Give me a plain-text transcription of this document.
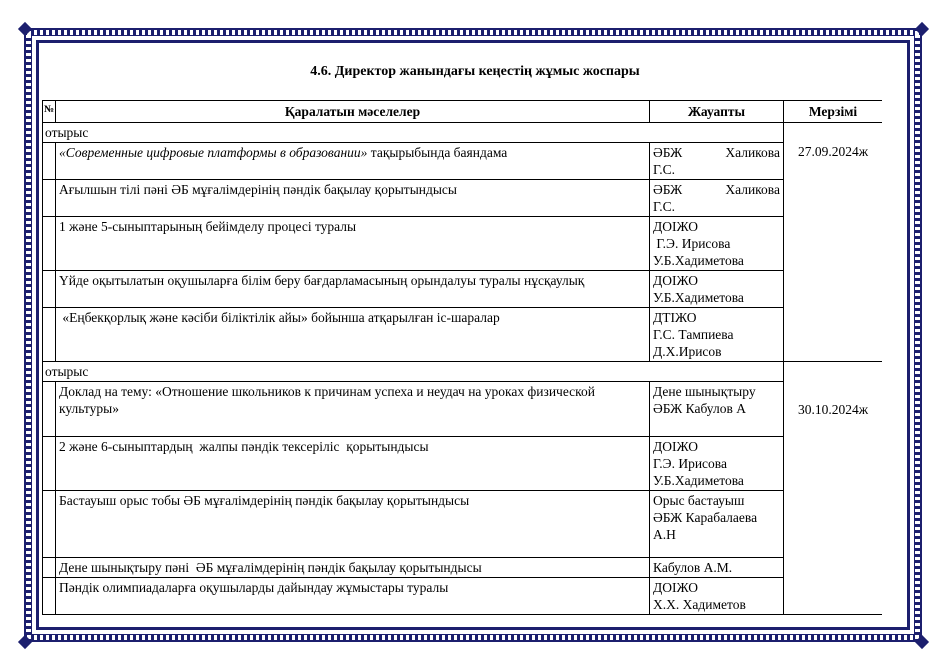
4.6. Директор жанындағы кеңестің жұмыс жоспары
№	Қаралатын мәселелер	Жауапты	Мерзімі
отырыс			27.09.2024ж
	«Современные цифровые платформы в образовании» тақырыбында баяндама	ӘБЖ Халикова
Г.С.	

	Ағылшын тілі пәні ӘБ мұғалімдерінің пәндік бақылау қорытындысы	ӘБЖ Халикова
Г.С.	

	1 және 5-сыныптарының бейімделу процесі туралы	ДОІЖО
Г.Э. Ирисова
У.Б.Хадиметова	

	Үйде оқытылатын оқушыларға білім беру бағдарламасының орындалуы туралы нұсқаулық	ДОІЖО
У.Б.Хадиметова	

	«Еңбекқорлық және кәсіби біліктілік айы» бойынша атқарылған іс-шаралар	ДТІЖО
Г.С. Тампиева
Д.Х.Ирисов	

отырыс			30.10.2024ж
	Доклад на тему: «Отношение школьников к причинам успеха и неудач на уроках физической культуры»	Дене шынықтыру
ӘБЖ Кабулов А	

	2 және 6-сыныптардың  жалпы пәндік тексеріліс  қорытындысы	ДОІЖО
Г.Э. Ирисова
У.Б.Хадиметова	

	Бастауыш орыс тобы ӘБ мұғалімдерінің пәндік бақылау қорытындысы	Орыс бастауыш
ӘБЖ Карабалаева
А.Н	

	Дене шынықтыру пәні  ӘБ мұғалімдерінің пәндік бақылау қорытындысы	Кабулов А.М.	

	Пәндік олимпиадаларға оқушыларды дайындау жұмыстары туралы	ДОІЖО
Х.Х. Хадиметов	
